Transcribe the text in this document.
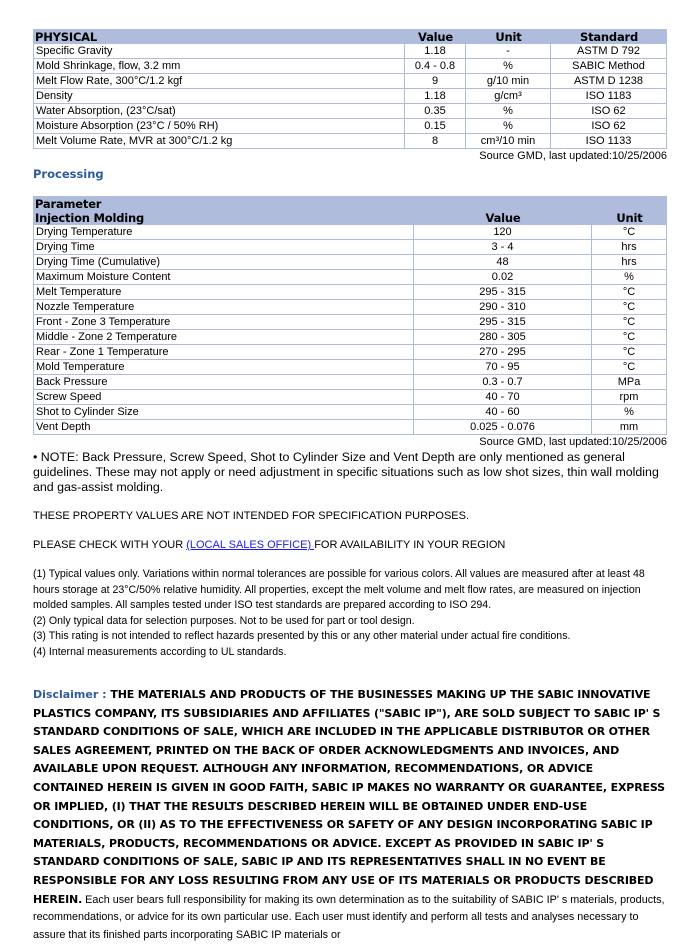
PHYSICAL	Value	Unit	Standard
Specific Gravity	1.18	-	ASTM D 792
Mold Shrinkage, flow, 3.2 mm	0.4 - 0.8	%	SABIC Method
Melt Flow Rate, 300°C/1.2 kgf	9	g/10 min	ASTM D 1238
Density	1.18	g/cm³	ISO 1183
Water Absorption, (23°C/sat)	0.35	%	ISO 62
Moisture Absorption (23°C / 50% RH)	0.15	%	ISO 62
Melt Volume Rate, MVR at 300°C/1.2 kg	8	cm³/10 min	ISO 1133
Source GMD, last updated:10/25/2006
Processing
Parameter		
Injection Molding	Value	Unit
Drying Temperature	120	°C
Drying Time	3 - 4	hrs
Drying Time (Cumulative)	48	hrs
Maximum Moisture Content	0.02	%
Melt Temperature	295 - 315	°C
Nozzle Temperature	290 - 310	°C
Front - Zone 3 Temperature	295 - 315	°C
Middle - Zone 2 Temperature	280 - 305	°C
Rear - Zone 1 Temperature	270 - 295	°C
Mold Temperature	70 - 95	°C
Back Pressure	0.3 - 0.7	MPa
Screw Speed	40 - 70	rpm
Shot to Cylinder Size	40 - 60	%
Vent Depth	0.025 - 0.076	mm
Source GMD, last updated:10/25/2006
• NOTE: Back Pressure, Screw Speed, Shot to Cylinder Size and Vent Depth are only mentioned as general guidelines. These may not apply or need adjustment in specific situations such as low shot sizes, thin wall molding and gas-assist molding.
THESE PROPERTY VALUES ARE NOT INTENDED FOR SPECIFICATION PURPOSES.
PLEASE CHECK WITH YOUR (LOCAL SALES OFFICE) FOR AVAILABILITY IN YOUR REGION
(1) Typical values only. Variations within normal tolerances are possible for various colors. All values are measured after at least 48 hours storage at 23°C/50% relative humidity. All properties, except the melt volume and melt flow rates, are measured on injection molded samples. All samples tested under ISO test standards are prepared according to ISO 294.
(2) Only typical data for selection purposes. Not to be used for part or tool design.
(3) This rating is not intended to reflect hazards presented by this or any other material under actual fire conditions.
(4) Internal measurements according to UL standards.
Disclaimer : THE MATERIALS AND PRODUCTS OF THE BUSINESSES MAKING UP THE SABIC INNOVATIVE PLASTICS COMPANY, ITS SUBSIDIARIES AND AFFILIATES ("SABIC IP"), ARE SOLD SUBJECT TO SABIC IP' S STANDARD CONDITIONS OF SALE, WHICH ARE INCLUDED IN THE APPLICABLE DISTRIBUTOR OR OTHER SALES AGREEMENT, PRINTED ON THE BACK OF ORDER ACKNOWLEDGMENTS AND INVOICES, AND AVAILABLE UPON REQUEST. ALTHOUGH ANY INFORMATION, RECOMMENDATIONS, OR ADVICE CONTAINED HEREIN IS GIVEN IN GOOD FAITH, SABIC IP MAKES NO WARRANTY OR GUARANTEE, EXPRESS OR IMPLIED, (I) THAT THE RESULTS DESCRIBED HEREIN WILL BE OBTAINED UNDER END-USE CONDITIONS, OR (II) AS TO THE EFFECTIVENESS OR SAFETY OF ANY DESIGN INCORPORATING SABIC IP MATERIALS, PRODUCTS, RECOMMENDATIONS OR ADVICE. EXCEPT AS PROVIDED IN SABIC IP' S STANDARD CONDITIONS OF SALE, SABIC IP AND ITS REPRESENTATIVES SHALL IN NO EVENT BE RESPONSIBLE FOR ANY LOSS RESULTING FROM ANY USE OF ITS MATERIALS OR PRODUCTS DESCRIBED HEREIN. Each user bears full responsibility for making its own determination as to the suitability of SABIC IP' s materials, products, recommendations, or advice for its own particular use. Each user must identify and perform all tests and analyses necessary to assure that its finished parts incorporating SABIC IP materials or
